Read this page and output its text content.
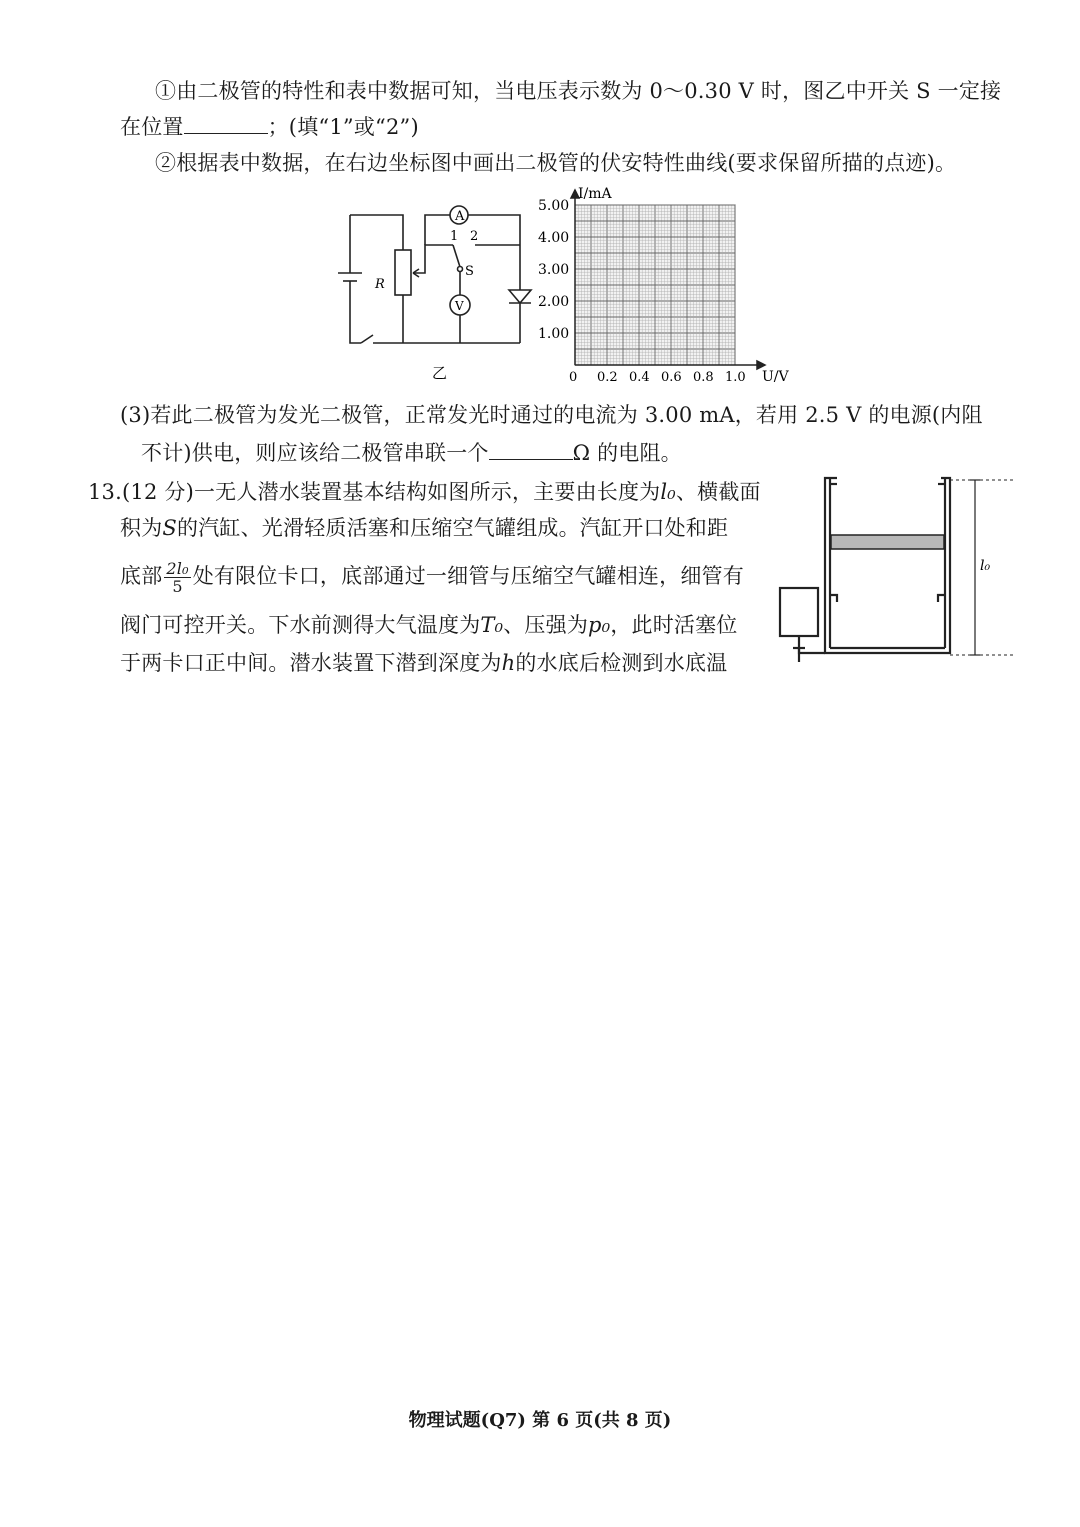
①由二极管的特性和表中数据可知，当电压表示数为 0～0.30 V 时，图乙中开关 S 一定接
在位置	；(填“1”或“2”)
②根据表中数据，在右边坐标图中画出二极管的伏安特性曲线(要求保留所描的点迹)。
A
V
R
S
1 2
乙
1.00
2.00
3.00
4.00
5.00
0 0.2 0.4 0.6 0.8 1.0
I/mA
U/V
(3)若此二极管为发光二极管，正常发光时通过的电流为 3.00 mA，若用 2.5 V 的电源(内阻
不计)供电，则应该给二极管串联一个	Ω 的电阻。
13.(12 分)一无人潜水装置基本结构如图所示，主要由长度为l₀、横截面
积为S的汽缸、光滑轻质活塞和压缩空气罐组成。汽缸开口处和距
底部 $\frac{\text{2l₀}}{5}$ 处有限位卡口，底部通过一细管与压缩空气罐相连，细管有
阀门可控开关。下水前测得大气温度为T₀、压强为p₀，此时活塞位
于两卡口正中间。潜水装置下潜到深度为h的水底后检测到水底温
l₀
物理试题(Q7) 第 6 页(共 8 页)
